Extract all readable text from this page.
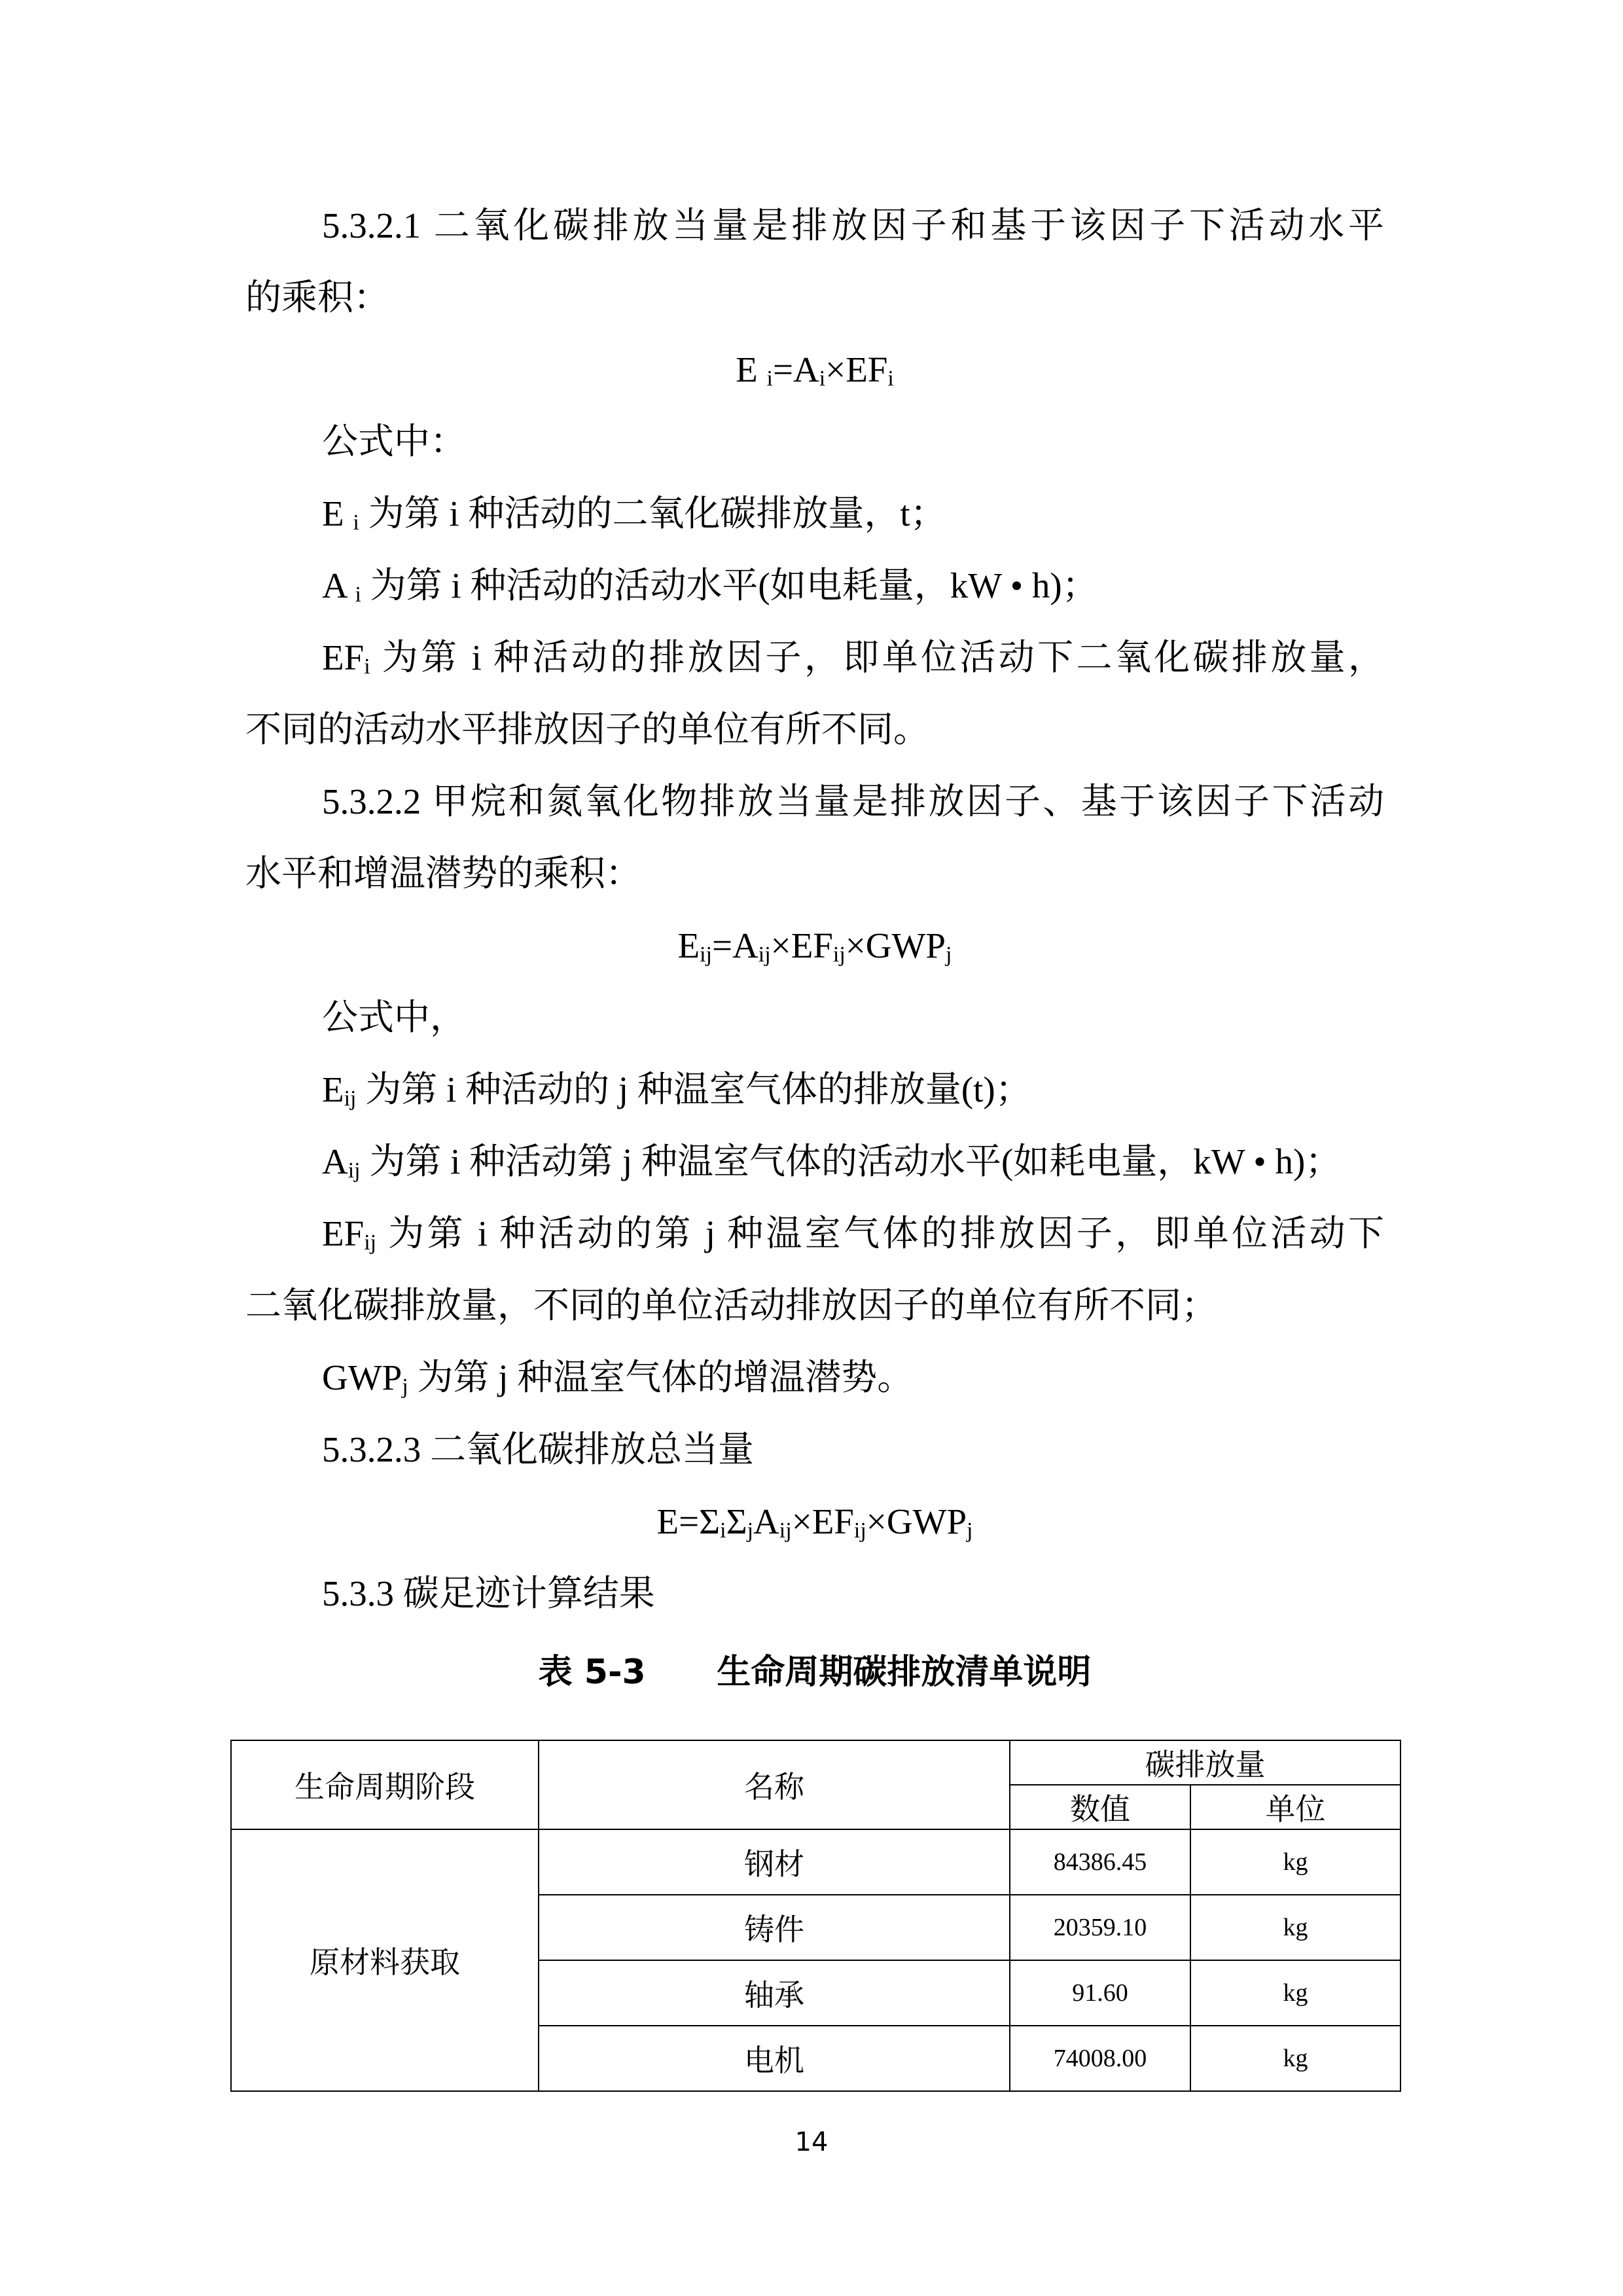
5.3.2.1 二氧化碳排放当量是排放因子和基于该因子下活动水平
的乘积：
E $_i=A_i\times EF_i$
公式中：
E $_i$ 为第 i 种活动的二氧化碳排放量，t；
A $_i$ 为第 i 种活动的活动水平(如电耗量，kW • h)；
$EF_i$ 为第 i 种活动的排放因子，即单位活动下二氧化碳排放量，
不同的活动水平排放因子的单位有所不同。
5.3.2.2 甲烷和氮氧化物排放当量是排放因子、基于该因子下活动
水平和增温潜势的乘积：
$E_{ij}=A_{ij}\times EF_{ij}\times GWP_j$
公式中，
$E_{ij}$ 为第 i 种活动的 j 种温室气体的排放量(t)；
$A_{ij}$ 为第 i 种活动第 j 种温室气体的活动水平(如耗电量，kW • h)；
$EF_{ij}$ 为第 i 种活动的第 j 种温室气体的排放因子，即单位活动下
二氧化碳排放量，不同的单位活动排放因子的单位有所不同；
$GWP_j$ 为第 j 种温室气体的增温潜势。
5.3.2.3 二氧化碳排放总当量
$E=\Sigma_i\Sigma_jA_{ij}\times EF_{ij}\times GWP_j$
5.3.3 碳足迹计算结果
表 5-3      生命周期碳排放清单说明
生命周期阶段	名称	碳排放量	
		数值	单位
原材料获取	钢材	84386.45	kg
	铸件	20359.10	kg
	轴承	91.60	kg
	电机	74008.00	kg
14
